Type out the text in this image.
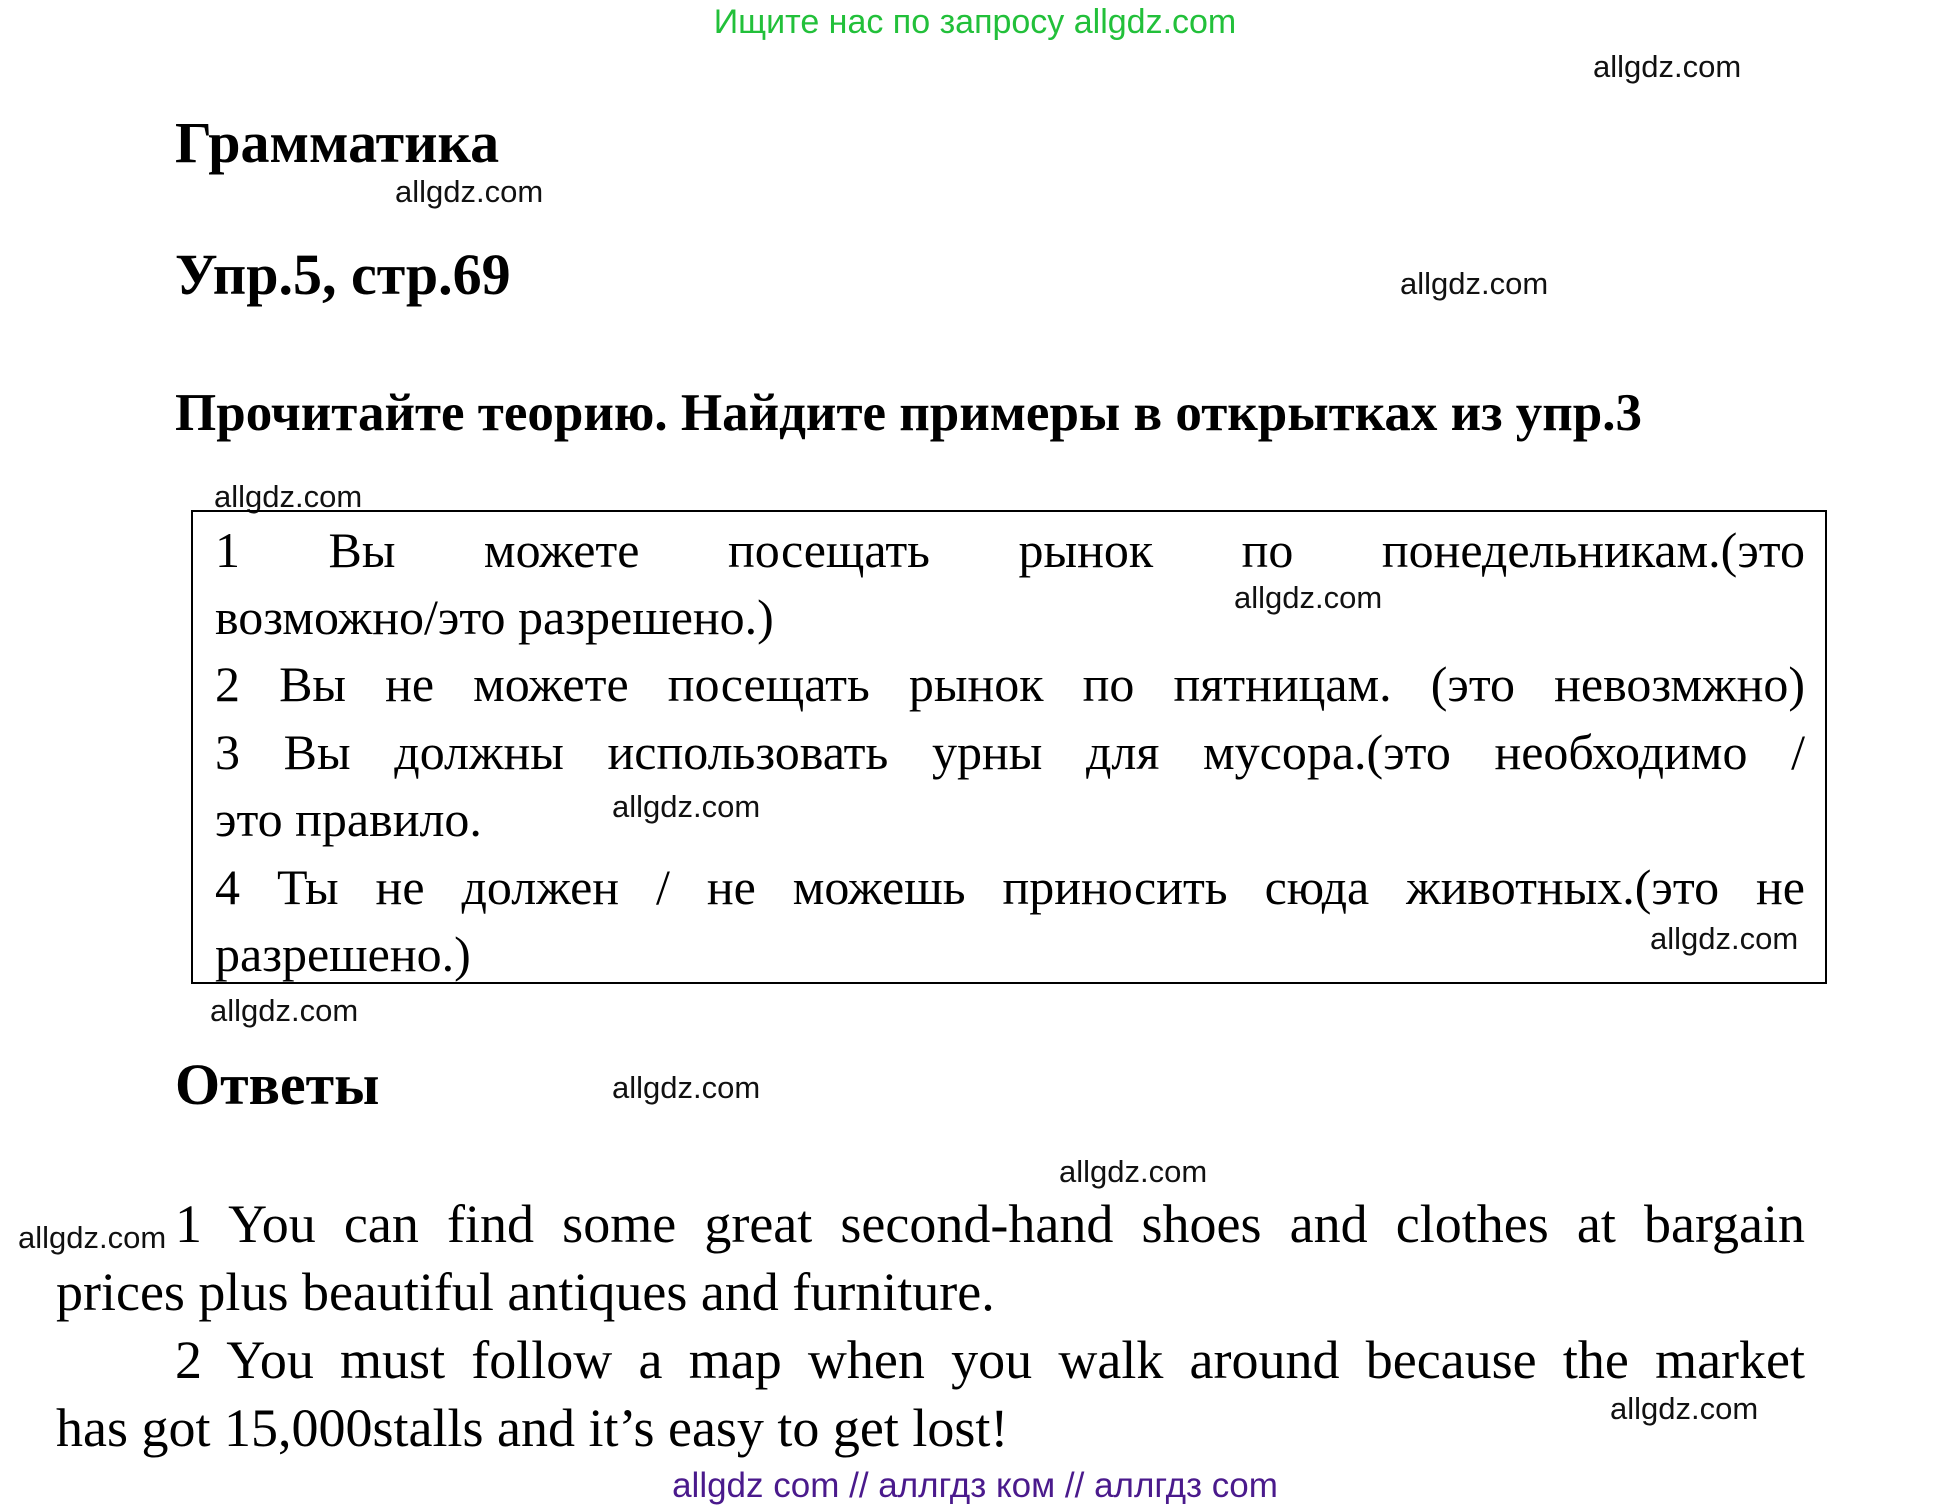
Ищите нас по запросу allgdz.com
allgdz.com
Грамматика
allgdz.com
Упр.5, стр.69	allgdz.com
Прочитайте теорию. Найдите примеры в открытках из упр.3
allgdz.com
1 Вы можете посещать рынок по понедельникам.(это
возможно/это разрешено.)	allgdz.com
2 Вы не можете посещать рынок по пятницам. (это невозмжно)
3 Вы должны использовать урны для мусора.(это необходимо /
это правило.	allgdz.com
4 Ты не должен / не можешь приносить сюда животных.(это не
разрешено.)	allgdz.com
allgdz.com
Ответы	allgdz.com
allgdz.com
allgdz.com 1 You can find some great second-hand shoes and clothes at bargain
prices plus beautiful antiques and furniture.
2 You must follow a map when you walk around because the market
has got 15,000stalls and it’s easy to get lost!	allgdz.com
allgdz com // аллгдз ком // аллгдз com
